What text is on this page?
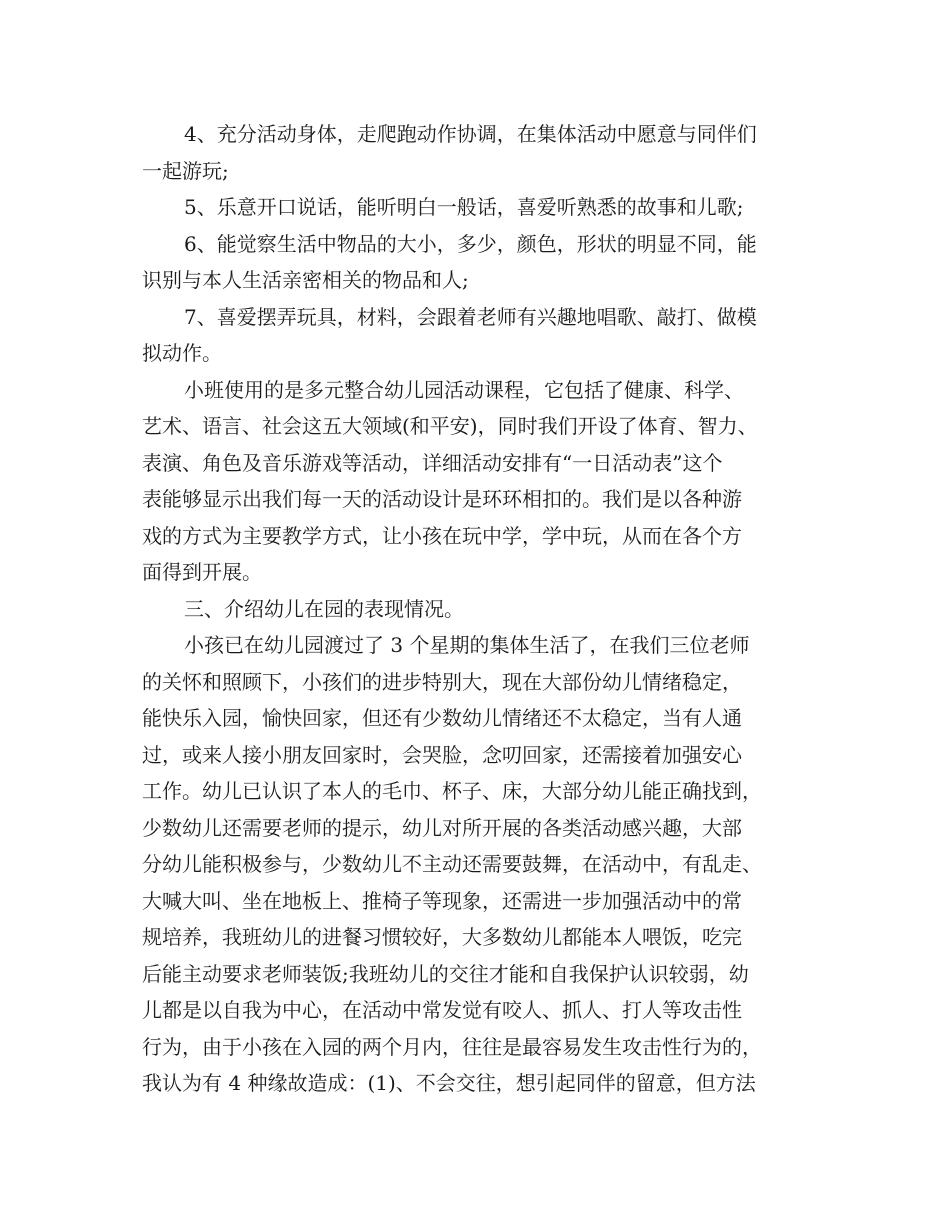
4、充分活动身体，走爬跑动作协调，在集体活动中愿意与同伴们
一起游玩;
5、乐意开口说话，能听明白一般话，喜爱听熟悉的故事和儿歌;
6、能觉察生活中物品的大小，多少，颜色，形状的明显不同，能
识别与本人生活亲密相关的物品和人;
7、喜爱摆弄玩具，材料，会跟着老师有兴趣地唱歌、敲打、做模
拟动作。
小班使用的是多元整合幼儿园活动课程，它包括了健康、科学、
艺术、语言、社会这五大领域(和平安)，同时我们开设了体育、智力、
表演、角色及音乐游戏等活动，详细活动安排有“一日活动表”这个
表能够显示出我们每一天的活动设计是环环相扣的。我们是以各种游
戏的方式为主要教学方式，让小孩在玩中学，学中玩，从而在各个方
面得到开展。
三、介绍幼儿在园的表现情况。
小孩已在幼儿园渡过了 3 个星期的集体生活了，在我们三位老师
的关怀和照顾下，小孩们的进步特别大，现在大部份幼儿情绪稳定，
能快乐入园，愉快回家，但还有少数幼儿情绪还不太稳定，当有人通
过，或来人接小朋友回家时，会哭脸，念叨回家，还需接着加强安心
工作。幼儿已认识了本人的毛巾、杯子、床，大部分幼儿能正确找到，
少数幼儿还需要老师的提示，幼儿对所开展的各类活动感兴趣，大部
分幼儿能积极参与，少数幼儿不主动还需要鼓舞，在活动中，有乱走、
大喊大叫、坐在地板上、推椅子等现象，还需进一步加强活动中的常
规培养，我班幼儿的进餐习惯较好，大多数幼儿都能本人喂饭，吃完
后能主动要求老师装饭;我班幼儿的交往才能和自我保护认识较弱，幼
儿都是以自我为中心，在活动中常发觉有咬人、抓人、打人等攻击性
行为，由于小孩在入园的两个月内，往往是最容易发生攻击性行为的，
我认为有 4 种缘故造成：(1)、不会交往，想引起同伴的留意，但方法
